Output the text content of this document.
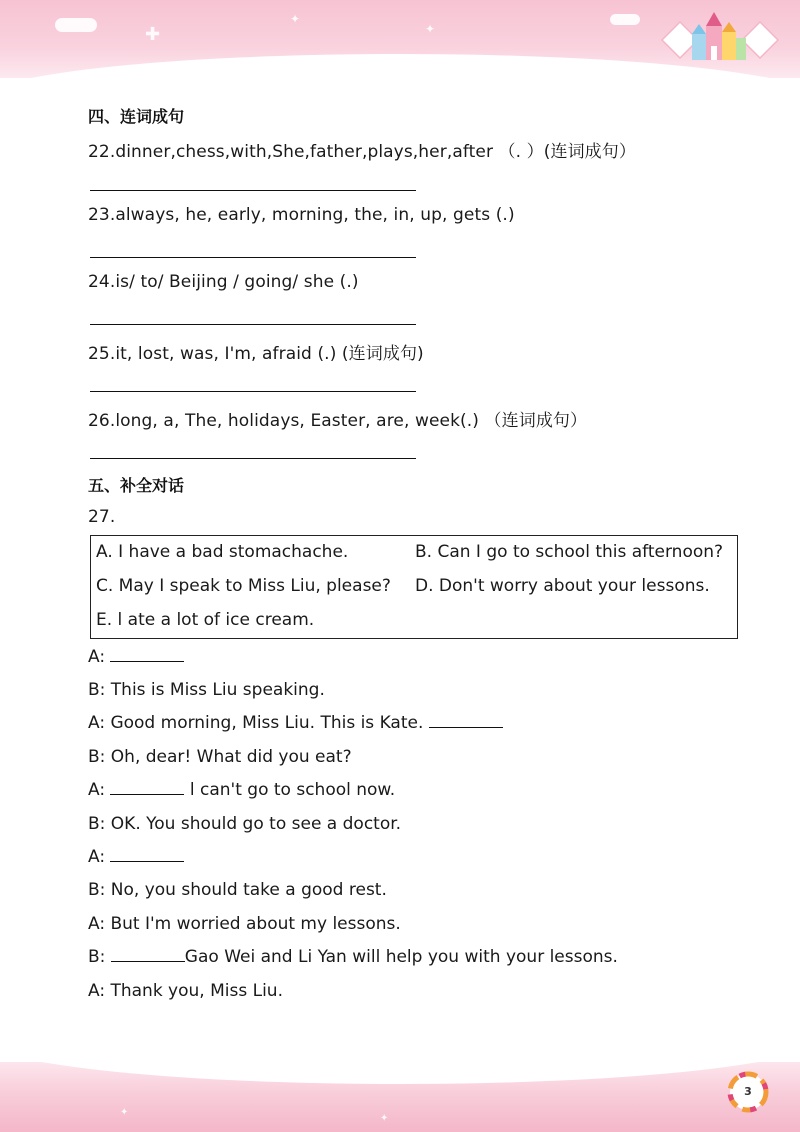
✚
✦
✦
四、连词成句
22.dinner,chess,with,She,father,plays,her,after （. ）(连词成句）
23.always, he, early, morning, the, in, up, gets (.)
24.is/ to/ Beijing / going/ she (.)
25.it, lost, was, I'm, afraid (.) (连词成句)
26.long, a, The, holidays, Easter, are, week(.) （连词成句）
五、补全对话
27.
A. I have a bad stomachache.	B. Can I go to school this afternoon?
C. May I speak to Miss Liu, please? D. Don't worry about your lessons.
E. l ate a lot of ice cream.
A:
B: This is Miss Liu speaking.
A: Good morning, Miss Liu. This is Kate.
B: Oh, dear! What did you eat?
A:	l can't go to school now.
B: OK. You should go to see a doctor.
A:
B: No, you should take a good rest.
A: But I'm worried about my lessons.
B:	Gao Wei and Li Yan will help you with your lessons.
A: Thank you, Miss Liu.
✦
✦
3
